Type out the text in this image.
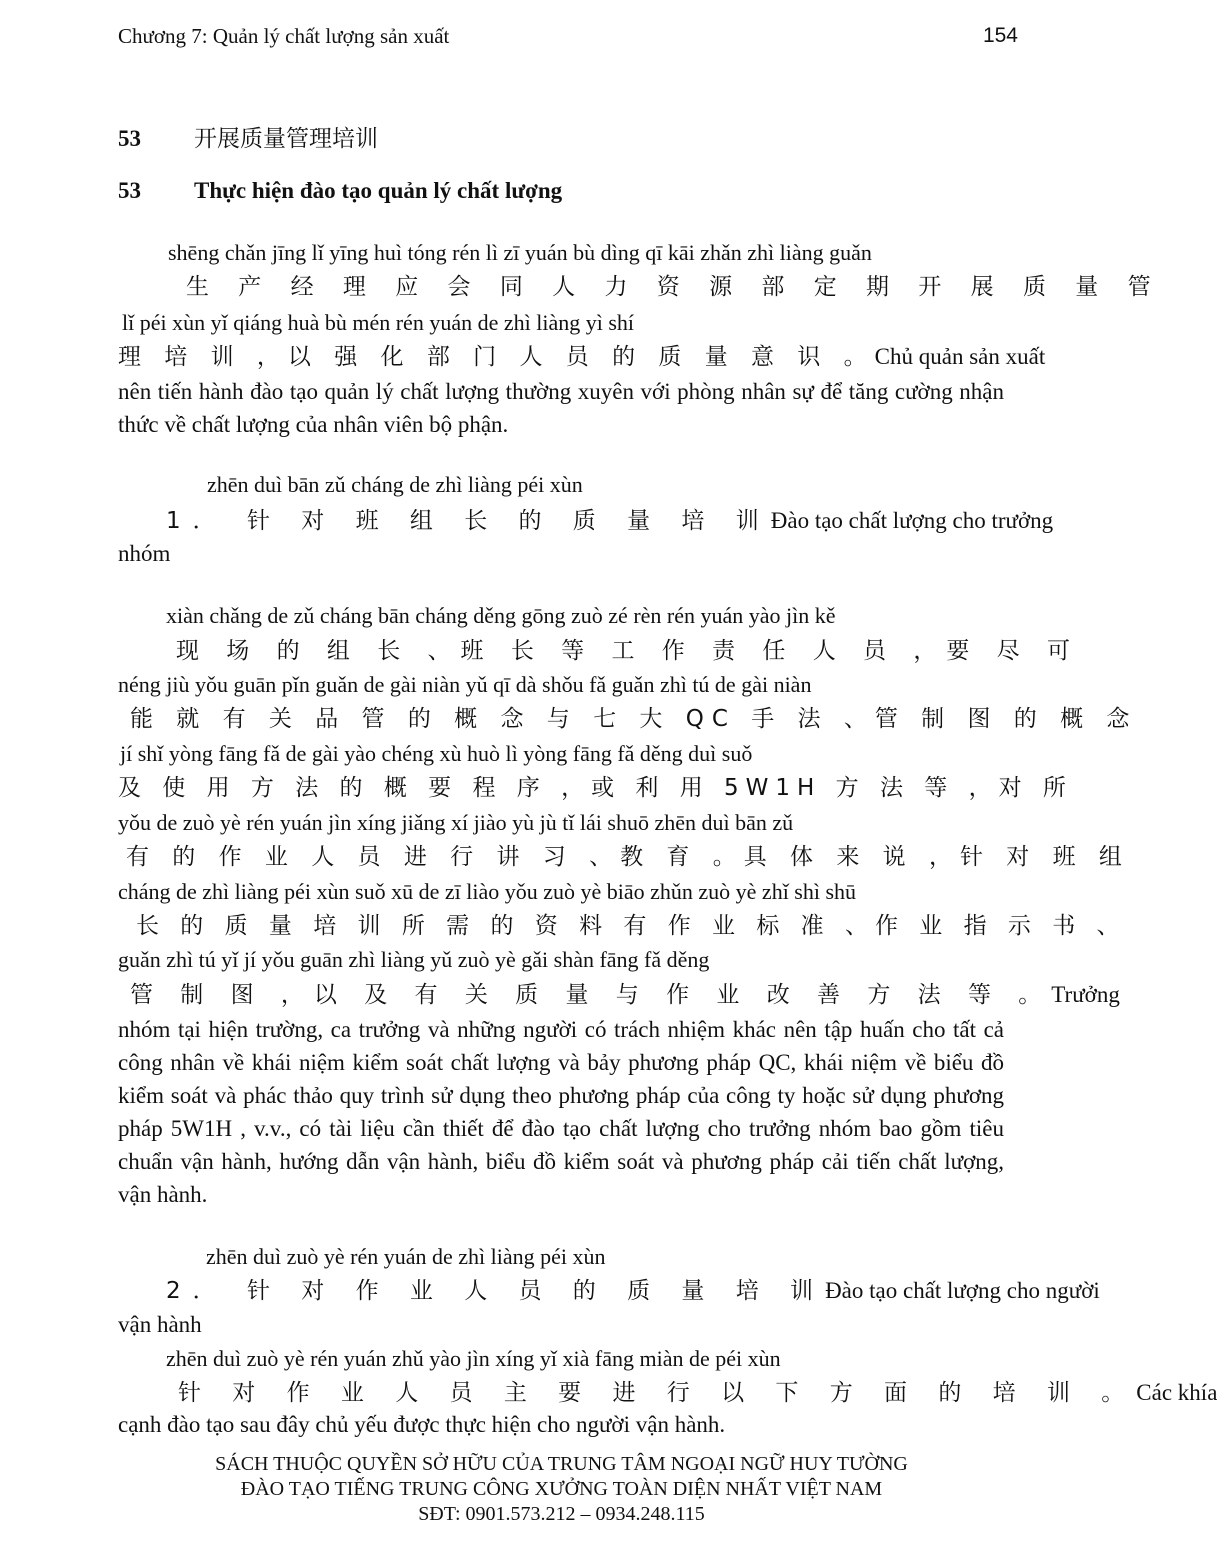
Chương 7: Quản lý chất lượng sản xuất	154
53 开展质量管理培训
53 Thực hiện đào tạo quản lý chất lượng
shēng chǎn jīng lǐ yīng huì tóng rén lì zī yuán bù dìng qī kāi zhǎn zhì liàng guǎn
生 产 经 理 应 会 同 人 力 资 源 部 定 期 开 展 质 量 管
lǐ péi xùn yǐ qiáng huà bù mén rén yuán de zhì liàng yì shí
理 培 训 ，以 强 化 部 门 人 员 的 质 量 意 识 。Chủ quản sản xuất
nên tiến hành đào tạo quản lý chất lượng thường xuyên với phòng nhân sự để tăng cường nhận thức về chất lượng của nhân viên bộ phận.
zhēn duì bān zǔ cháng de zhì liàng péi xùn
1． 针 对 班 组 长 的 质 量 培 训Đào tạo chất lượng cho trưởng
nhóm
xiàn chǎng de zǔ cháng bān cháng děng gōng zuò zé rèn rén yuán yào jìn kě
现 场 的 组 长 、班 长 等 工 作 责 任 人 员 ，要 尽 可
néng jiù yǒu guān pǐn guǎn de gài niàn yǔ qī dà shǒu fǎ guǎn zhì tú de gài niàn
能 就 有 关 品 管 的 概 念 与 七 大 QC 手 法 、管 制 图 的 概 念
jí shǐ yòng fāng fǎ de gài yào chéng xù huò lì yòng fāng fǎ děng duì suǒ
及 使 用 方 法 的 概 要 程 序 ，或 利 用 5W1H 方 法 等 ，对 所
yǒu de zuò yè rén yuán jìn xíng jiǎng xí jiào yù jù tǐ lái shuō zhēn duì bān zǔ
有 的 作 业 人 员 进 行 讲 习 、教 育 。具 体 来 说 ，针 对 班 组
cháng de zhì liàng péi xùn suǒ xū de zī liào yǒu zuò yè biāo zhǔn zuò yè zhǐ shì shū
长 的 质 量 培 训 所 需 的 资 料 有 作 业 标 准 、作 业 指 示 书 、
guǎn zhì tú yǐ jí yǒu guān zhì liàng yǔ zuò yè gǎi shàn fāng fǎ děng
管 制 图 ，以 及 有 关 质 量 与 作 业 改 善 方 法 等 。Trưởng
nhóm tại hiện trường, ca trưởng và những người có trách nhiệm khác nên tập huấn cho tất cả công nhân về khái niệm kiểm soát chất lượng và bảy phương pháp QC, khái niệm về biểu đồ kiểm soát và phác thảo quy trình sử dụng theo phương pháp của công ty hoặc sử dụng phương pháp 5W1H , v.v., có tài liệu cần thiết để đào tạo chất lượng cho trưởng nhóm bao gồm tiêu chuẩn vận hành, hướng dẫn vận hành, biểu đồ kiểm soát và phương pháp cải tiến chất lượng, vận hành.
zhēn duì zuò yè rén yuán de zhì liàng péi xùn
2． 针 对 作 业 人 员 的 质 量 培 训Đào tạo chất lượng cho người
vận hành
zhēn duì zuò yè rén yuán zhǔ yào jìn xíng yǐ xià fāng miàn de péi xùn
针 对 作 业 人 员 主 要 进 行 以 下 方 面 的 培 训 。Các khía
cạnh đào tạo sau đây chủ yếu được thực hiện cho người vận hành.
SÁCH THUỘC QUYỀN SỞ HỮU CỦA TRUNG TÂM NGOẠI NGỮ HUY TƯỜNG
ĐÀO TẠO TIẾNG TRUNG CÔNG XƯỞNG TOÀN DIỆN NHẤT VIỆT NAM
SĐT: 0901.573.212 – 0934.248.115
